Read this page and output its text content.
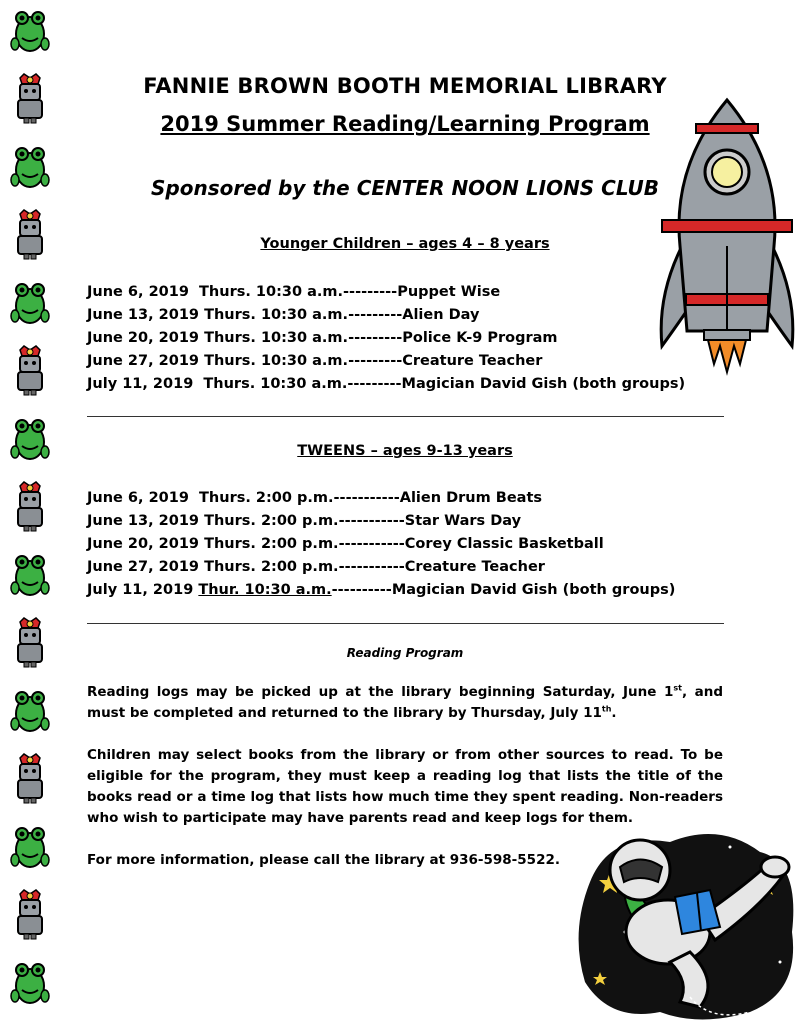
FANNIE BROWN BOOTH MEMORIAL LIBRARY
2019 Summer Reading/Learning Program
Sponsored by the CENTER NOON LIONS CLUB
Younger Children – ages 4 – 8 years
June 6, 2019  Thurs. 10:30 a.m.---------Puppet Wise
June 13, 2019 Thurs. 10:30 a.m.---------Alien Day
June 20, 2019 Thurs. 10:30 a.m.---------Police K-9 Program
June 27, 2019 Thurs. 10:30 a.m.---------Creature Teacher
July 11, 2019  Thurs. 10:30 a.m.---------Magician David Gish (both groups)
TWEENS – ages 9-13 years
June 6, 2019  Thurs. 2:00 p.m.-----------Alien Drum Beats
June 13, 2019 Thurs. 2:00 p.m.-----------Star Wars Day
June 20, 2019 Thurs. 2:00 p.m.-----------Corey Classic Basketball
June 27, 2019 Thurs. 2:00 p.m.-----------Creature Teacher
July 11, 2019 Thur. 10:30 a.m.----------Magician David Gish (both groups)
Reading Program
Reading logs may be picked up at the library beginning Saturday, June 1st, and must be completed and returned to the library by Thursday, July 11th.
Children may select books from the library or from other sources to read. To be eligible for the program, they must keep a reading log that lists the title of the books read or a time log that lists how much time they spent reading. Non-readers who wish to participate may have parents read and keep logs for them.
For more information, please call the library at 936-598-5522.
